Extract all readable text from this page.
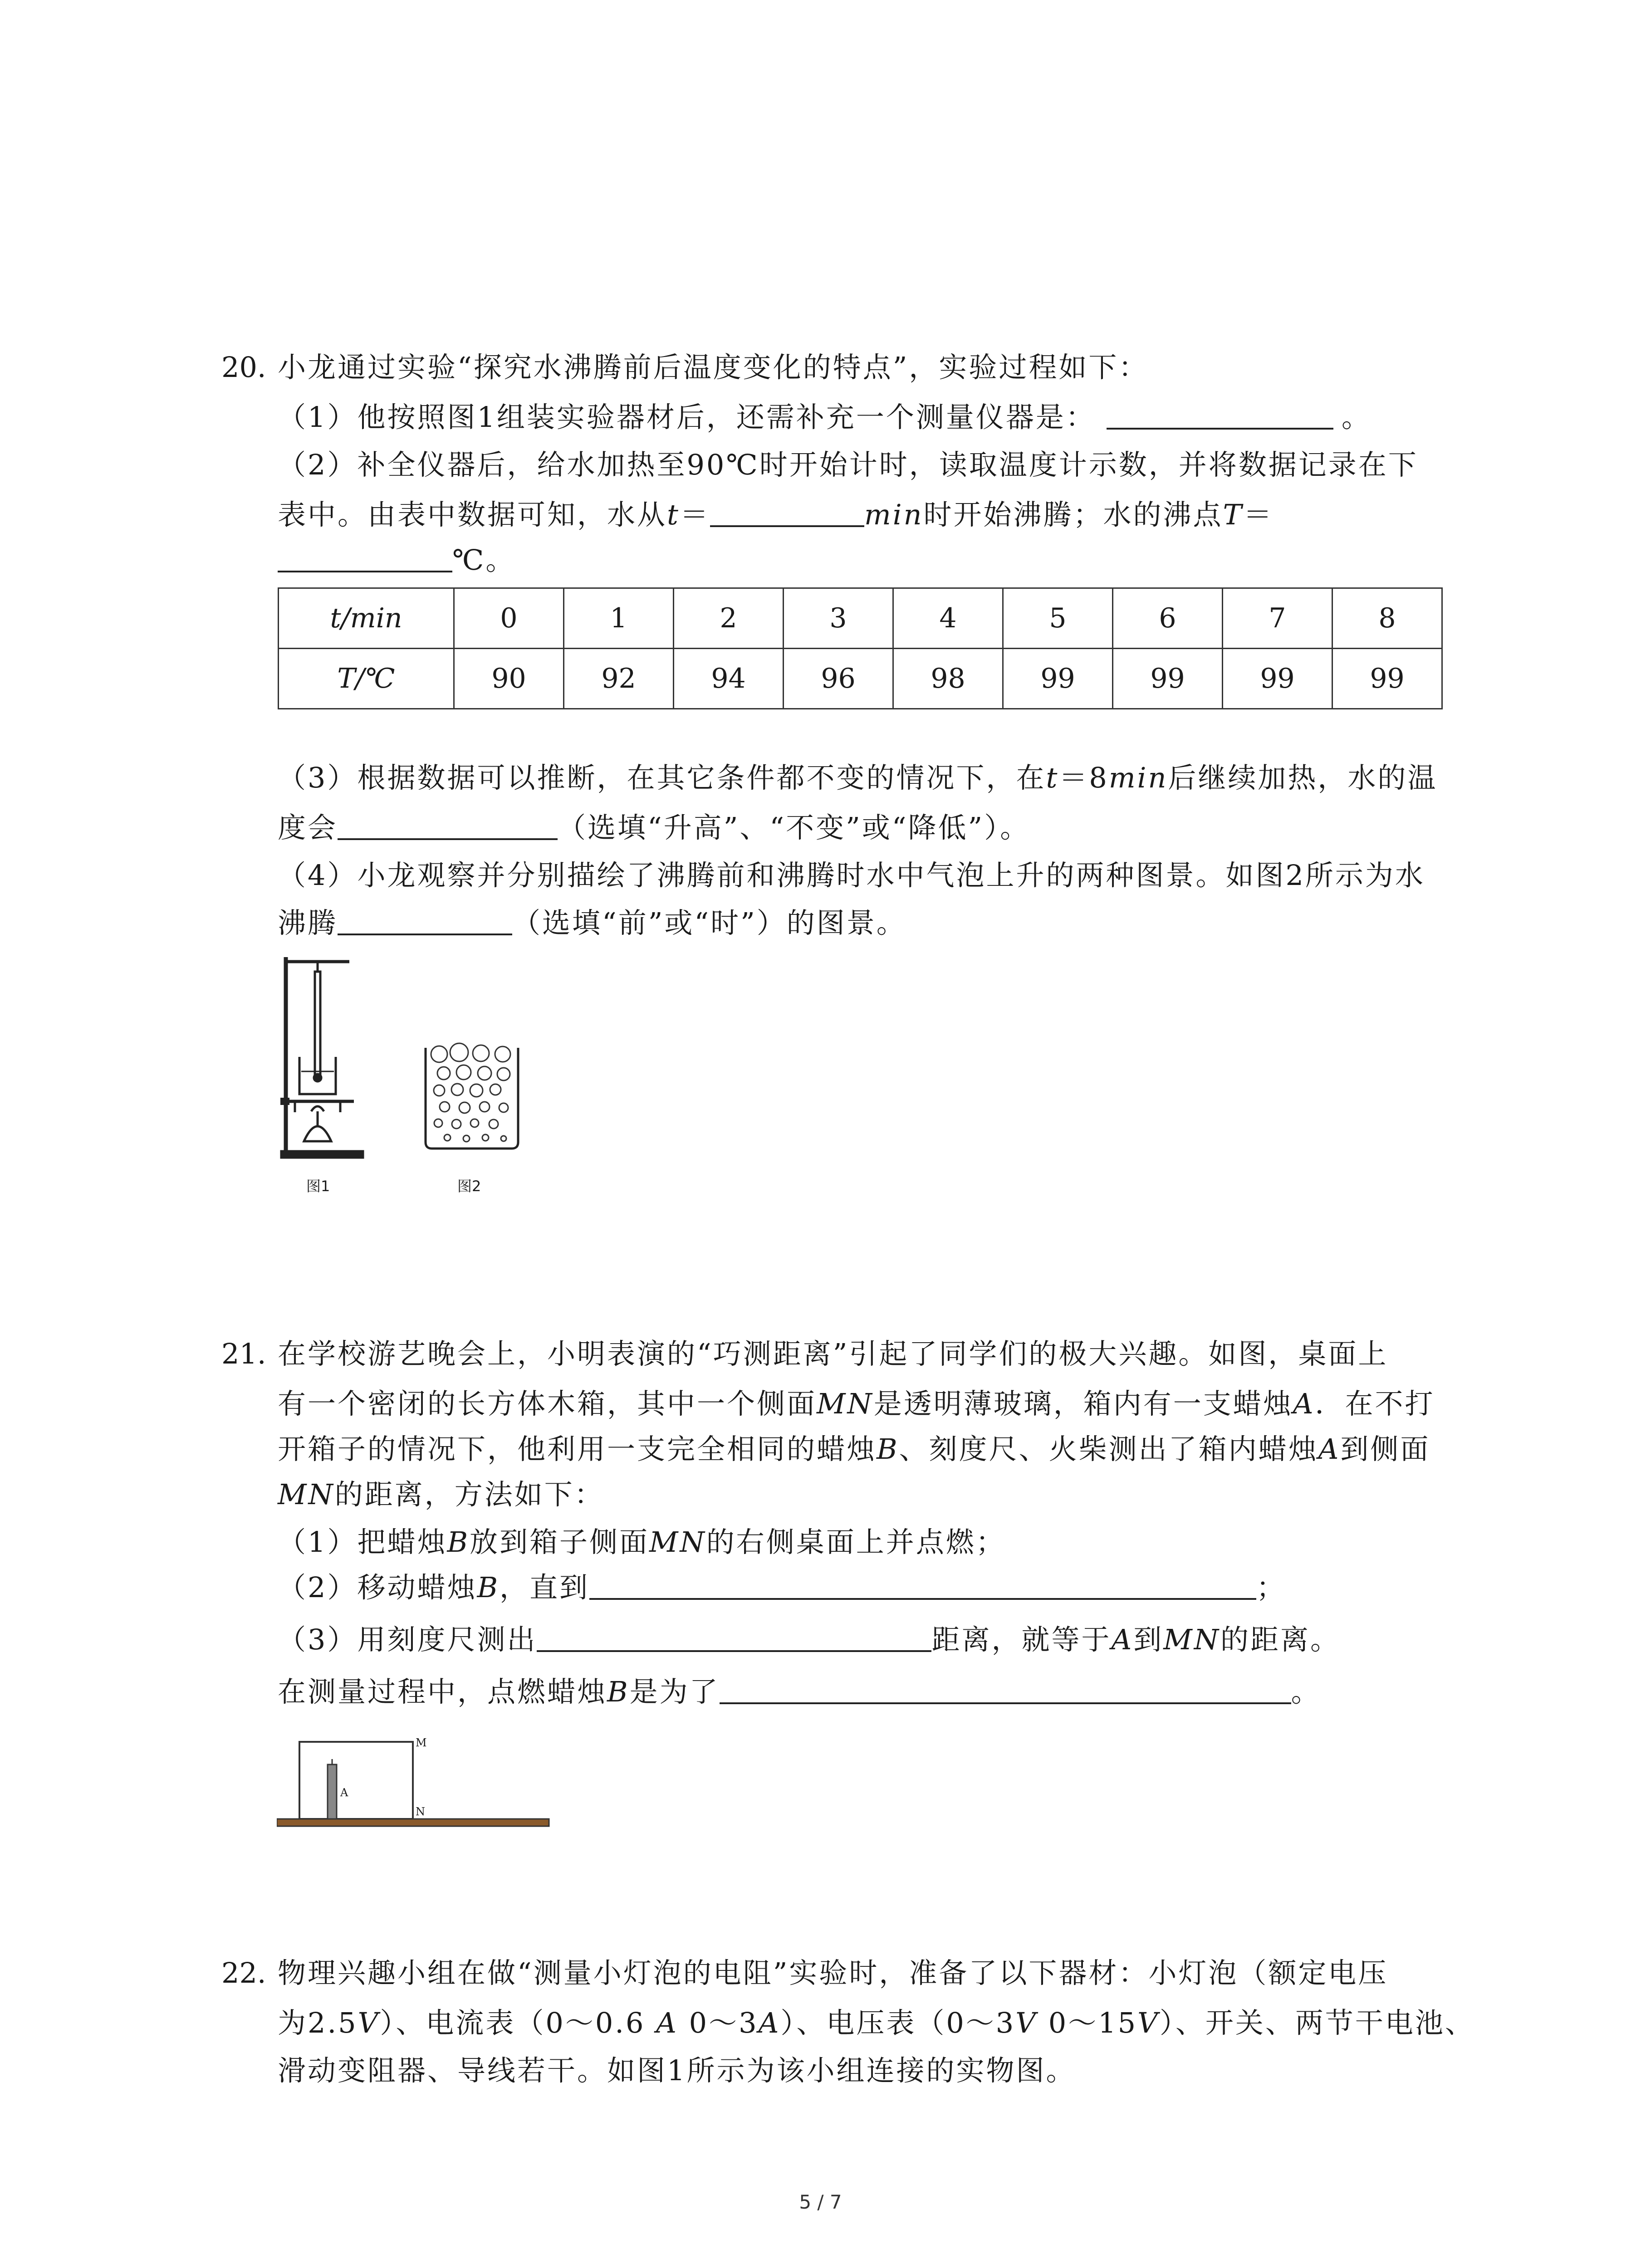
20. 小龙通过实验“探究水沸腾前后温度变化的特点”，实验过程如下：
（1）他按照图1组装实验器材后，还需补充一个测量仪器是：	。
（2）补全仪器后，给水加热至90℃时开始计时，读取温度计示数，并将数据记录在下
表中。由表中数据可知，水从t＝	min时开始沸腾；水的沸点T＝
℃。
t/min	0	1	2	3	4	5	6	7	8
T/℃	90	92	94	96	98	99	99	99	99
（3）根据数据可以推断，在其它条件都不变的情况下，在t＝8min后继续加热，水的温
度会	（选填“升高”、“不变”或“降低”）。
（4）小龙观察并分别描绘了沸腾前和沸腾时水中气泡上升的两种图景。如图2所示为水
沸腾	（选填“前”或“时”）的图景。
图1	图2
21. 在学校游艺晚会上，小明表演的“巧测距离”引起了同学们的极大兴趣。如图，桌面上
有一个密闭的长方体木箱，其中一个侧面MN是透明薄玻璃，箱内有一支蜡烛A．在不打
开箱子的情况下，他利用一支完全相同的蜡烛B、刻度尺、火柴测出了箱内蜡烛A到侧面
MN的距离，方法如下：
（1）把蜡烛B放到箱子侧面MN的右侧桌面上并点燃；
（2）移动蜡烛B，直到	；
（3）用刻度尺测出	距离，就等于A到MN的距离。
在测量过程中，点燃蜡烛B是为了	。
M
N
A
22. 物理兴趣小组在做“测量小灯泡的电阻”实验时，准备了以下器材：小灯泡（额定电压
为2.5V）、电流表（0～0.6 A 0～3A）、电压表（0～3V 0～15V）、开关、两节干电池、
滑动变阻器、导线若干。如图1所示为该小组连接的实物图。
5 / 7
